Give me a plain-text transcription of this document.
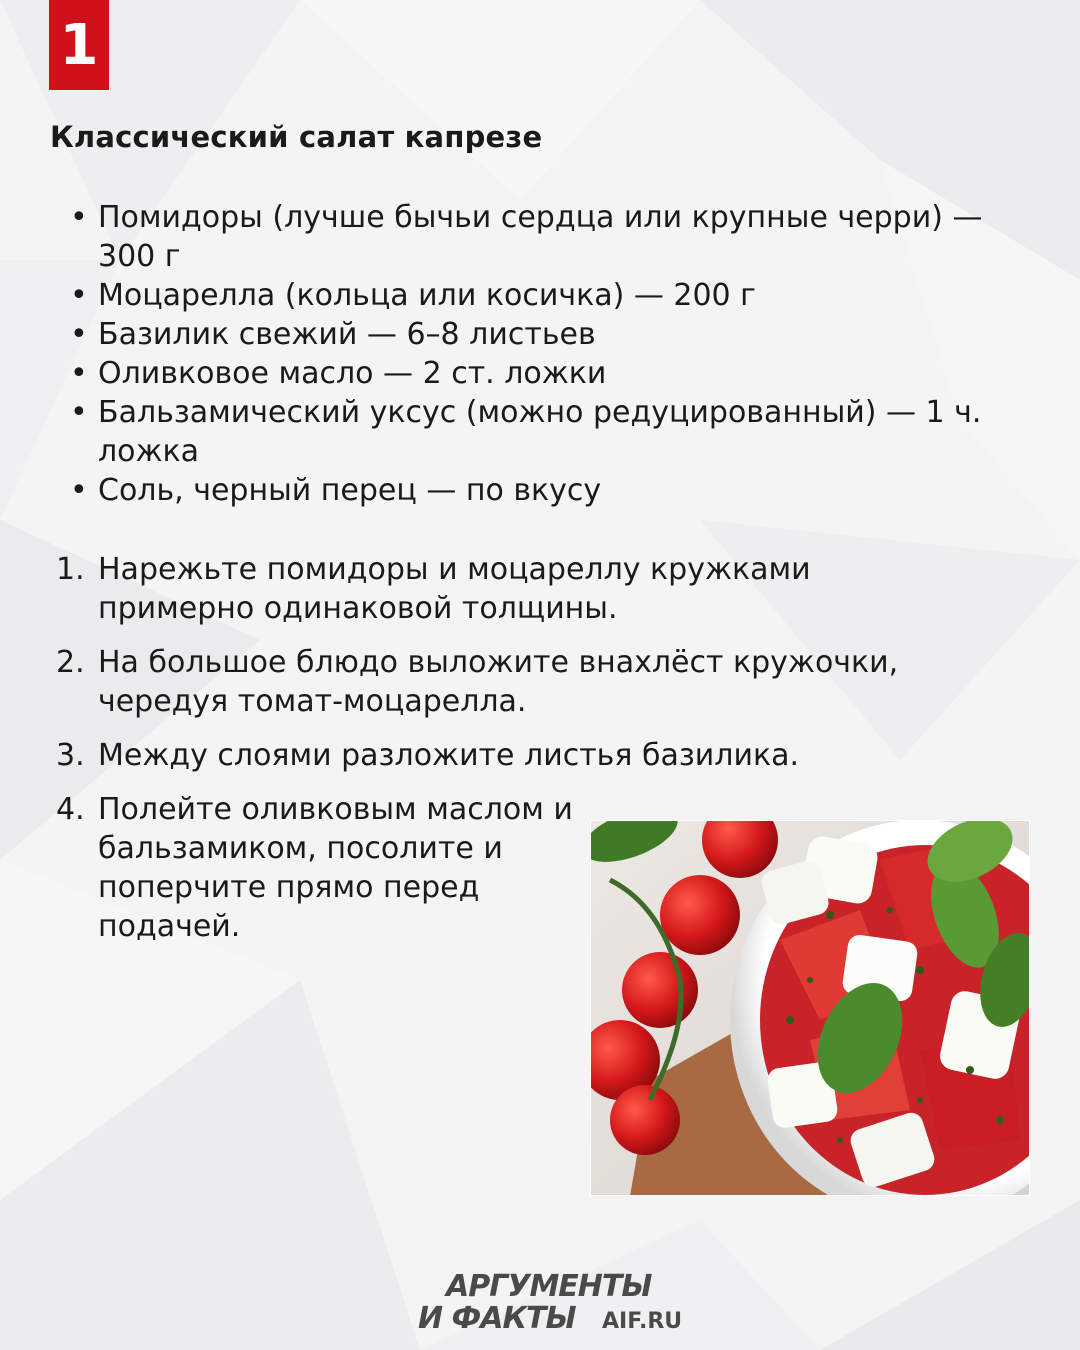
1
Классический салат капрезе
• Помидоры (лучше бычьи сердца или крупные черри) — 300 г
• Моцарелла (кольца или косичка) — 200 г
• Базилик свежий — 6–8 листьев
• Оливковое масло — 2 ст. ложки
• Бальзамический уксус (можно редуцированный) — 1 ч. ложка
• Соль, черный перец — по вкусу
1. Нарежьте помидоры и моцареллу кружками примерно одинаковой толщины.
2. На большое блюдо выложите внахлёст кружочки, чередуя томат-моцарелла.
3. Между слоями разложите листья базилика.
4. Полейте оливковым маслом и бальзамиком, посолите и поперчите прямо перед подачей.
АРГУМЕНТЫ
И ФАКТЫ AIF.RU
